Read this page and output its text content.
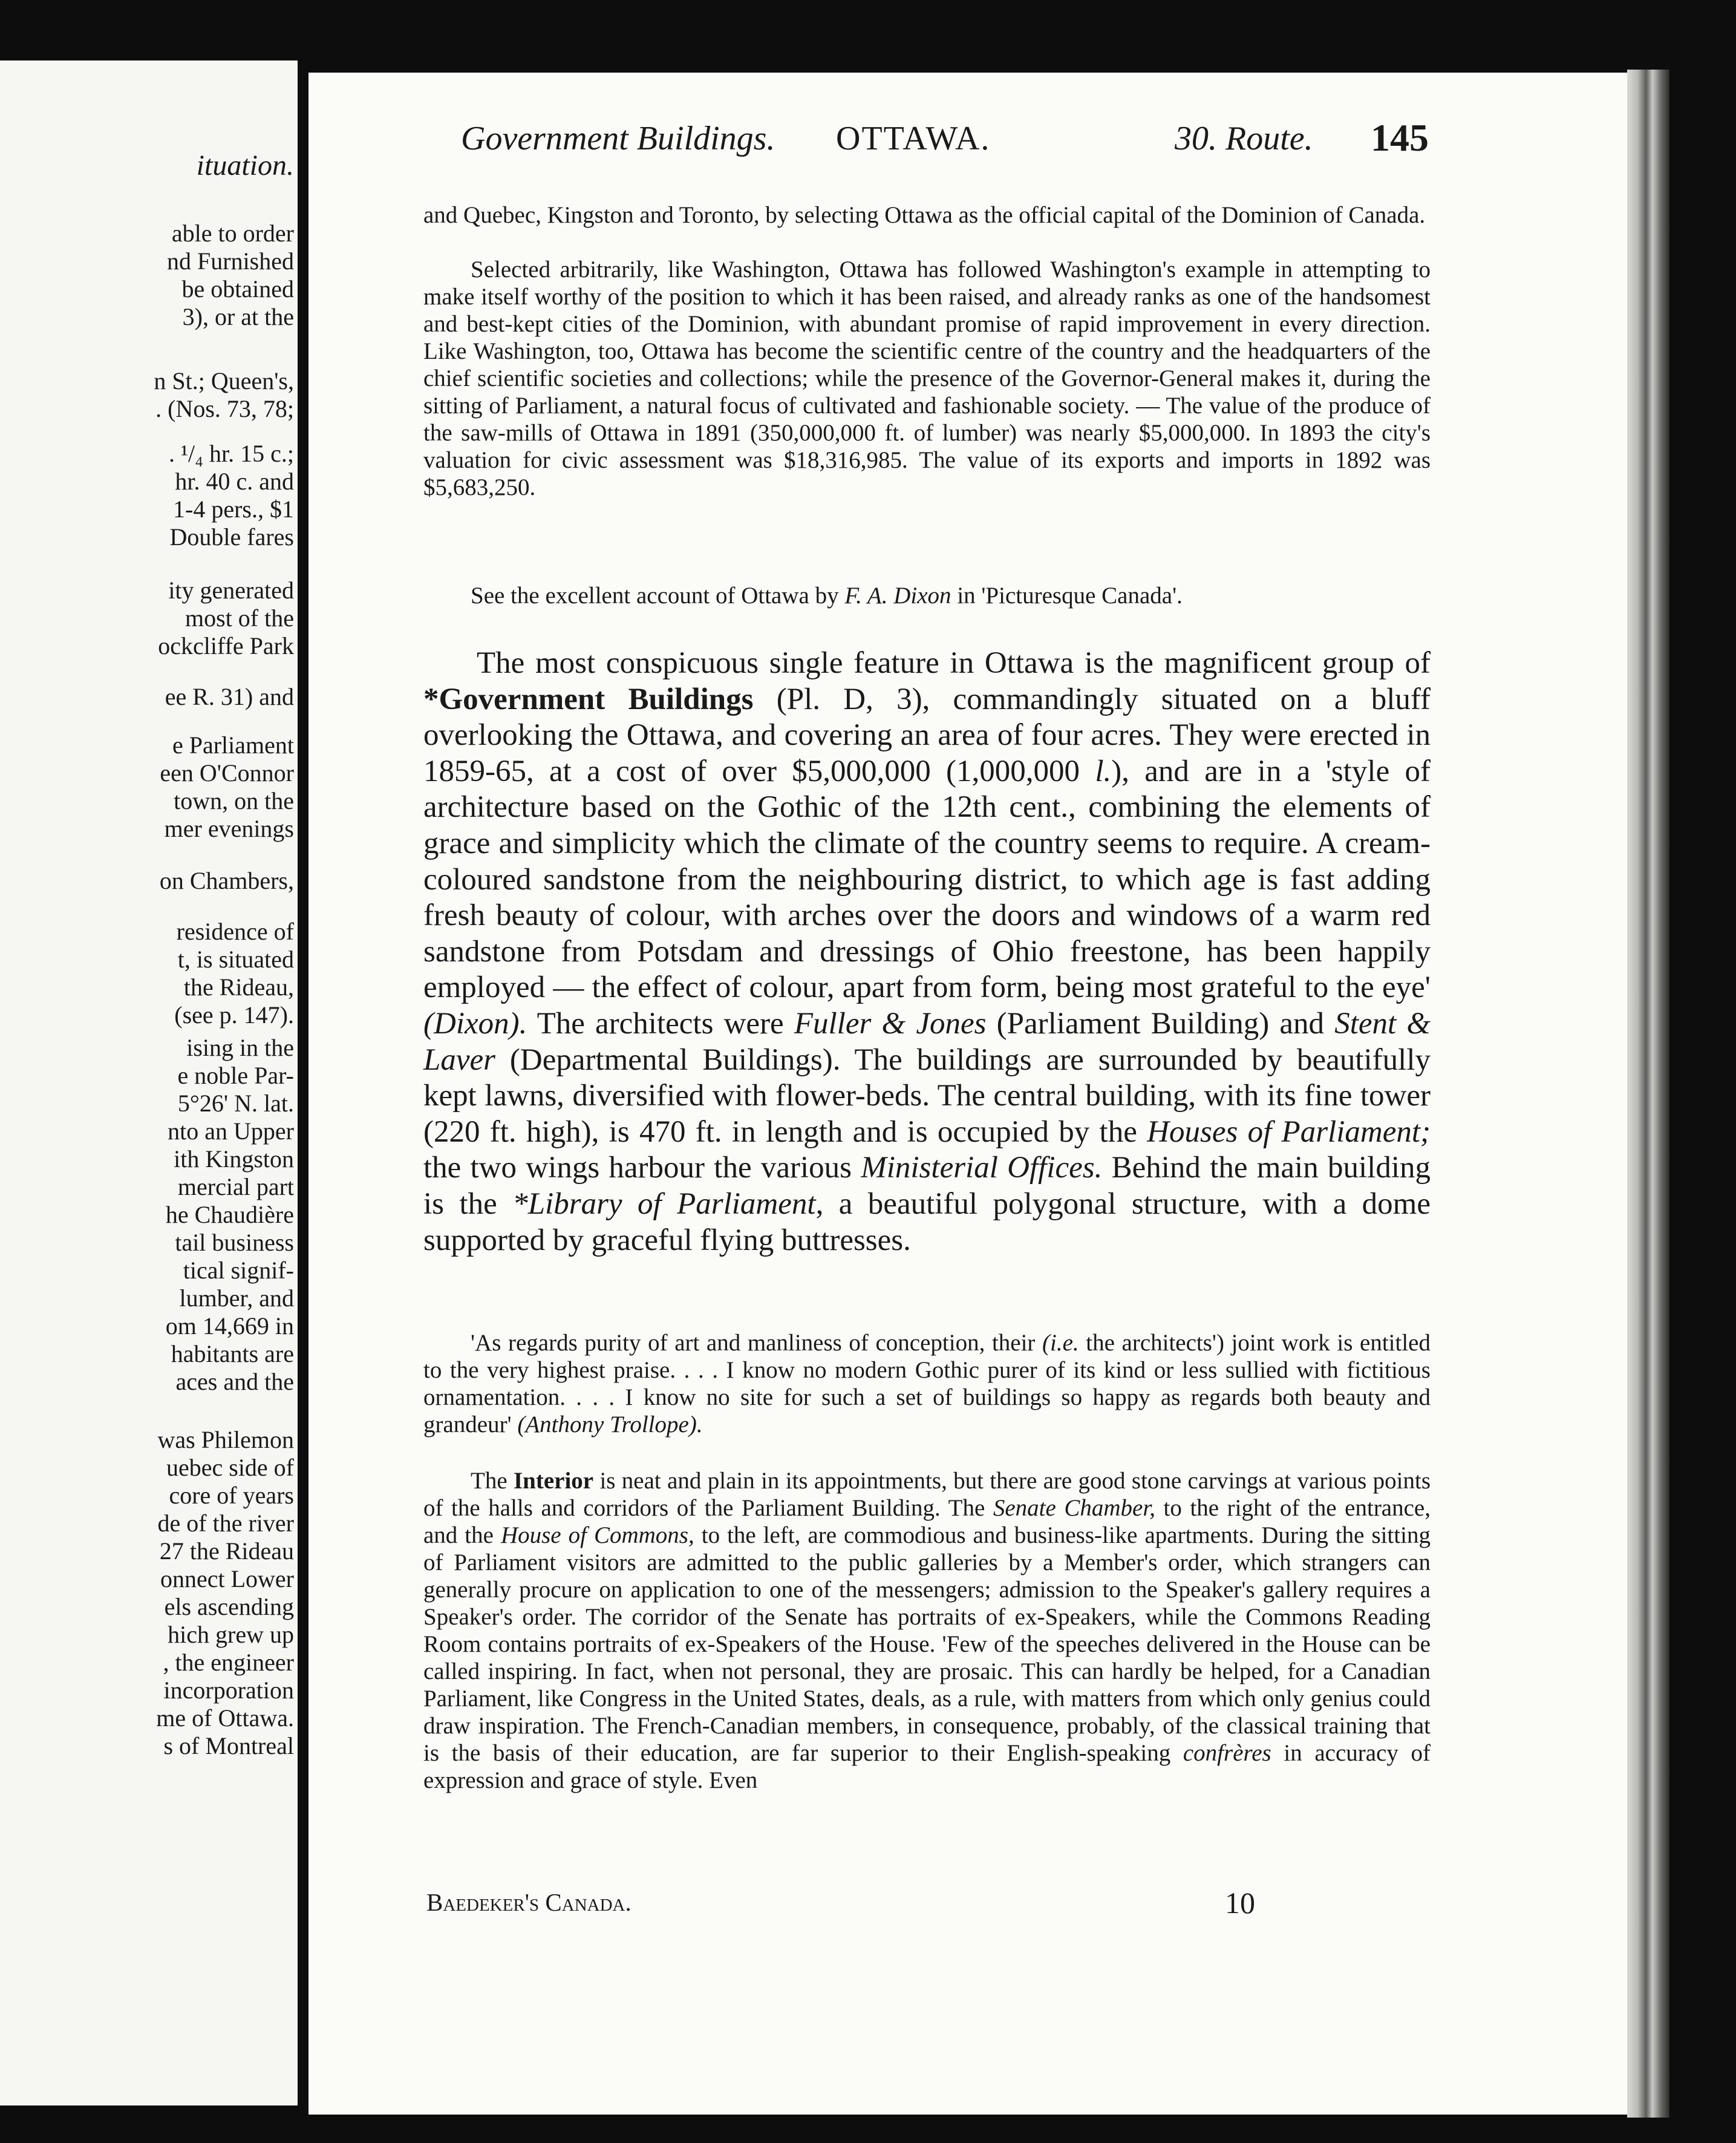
ituation.
able to order
nd Furnished
be obtained
3), or at the
n St.; Queen's,
. (Nos. 73, 78;
. ¹/₄ hr. 15 c.;
hr. 40 c. and
1-4 pers., $1
Double fares
ity generated
most of the
ockcliffe Park
ee R. 31) and
e Parliament
een O'Connor
town, on the
mer evenings
on Chambers,
residence of
t, is situated
the Rideau,
(see p. 147).
ising in the
e noble Par-
5°26' N. lat.
nto an Upper
ith Kingston
mercial part
he Chaudière
tail business
tical signif-
lumber, and
om 14,669 in
habitants are
aces and the
was Philemon
uebec side of
core of years
de of the river
27 the Rideau
onnect Lower
els ascending
hich grew up
, the engineer
incorporation
me of Ottawa.
s of Montreal
Government Buildings. OTTAWA.	30. Route. 145
and Quebec, Kingston and Toronto, by selecting Ottawa as the official capital of the Dominion of Canada.
Selected arbitrarily, like Washington, Ottawa has followed Washington's example in attempting to make itself worthy of the position to which it has been raised, and already ranks as one of the handsomest and best-kept cities of the Dominion, with abundant promise of rapid improvement in every direction. Like Washington, too, Ottawa has become the scientific centre of the country and the headquarters of the chief scientific societies and collections; while the presence of the Governor-General makes it, during the sitting of Parliament, a natural focus of cultivated and fashionable society. — The value of the produce of the saw-mills of Ottawa in 1891 (350,000,000 ft. of lumber) was nearly $5,000,000. In 1893 the city's valuation for civic assessment was $18,316,985. The value of its exports and imports in 1892 was $5,683,250.
See the excellent account of Ottawa by F. A. Dixon in 'Picturesque Canada'.
The most conspicuous single feature in Ottawa is the magnificent group of *Government Buildings (Pl. D, 3), commandingly situated on a bluff overlooking the Ottawa, and covering an area of four acres. They were erected in 1859-65, at a cost of over $5,000,000 (1,000,000 l.), and are in a 'style of architecture based on the Gothic of the 12th cent., combining the elements of grace and simplicity which the climate of the country seems to require. A cream-coloured sandstone from the neighbouring district, to which age is fast adding fresh beauty of colour, with arches over the doors and windows of a warm red sandstone from Potsdam and dressings of Ohio freestone, has been happily employed — the effect of colour, apart from form, being most grateful to the eye' (Dixon). The architects were Fuller & Jones (Parliament Building) and Stent & Laver (Departmental Buildings). The buildings are surrounded by beautifully kept lawns, diversified with flower-beds. The central building, with its fine tower (220 ft. high), is 470 ft. in length and is occupied by the Houses of Parliament; the two wings harbour the various Ministerial Offices. Behind the main building is the *Library of Parliament, a beautiful polygonal structure, with a dome supported by graceful flying buttresses.
'As regards purity of art and manliness of conception, their (i.e. the architects') joint work is entitled to the very highest praise. . . . I know no modern Gothic purer of its kind or less sullied with fictitious ornamentation. . . . I know no site for such a set of buildings so happy as regards both beauty and grandeur' (Anthony Trollope).
The Interior is neat and plain in its appointments, but there are good stone carvings at various points of the halls and corridors of the Parliament Building. The Senate Chamber, to the right of the entrance, and the House of Commons, to the left, are commodious and business-like apartments. During the sitting of Parliament visitors are admitted to the public galleries by a Member's order, which strangers can generally procure on application to one of the messengers; admission to the Speaker's gallery requires a Speaker's order. The corridor of the Senate has portraits of ex-Speakers, while the Commons Reading Room contains portraits of ex-Speakers of the House. 'Few of the speeches delivered in the House can be called inspiring. In fact, when not personal, they are prosaic. This can hardly be helped, for a Canadian Parliament, like Congress in the United States, deals, as a rule, with matters from which only genius could draw inspiration. The French-Canadian members, in consequence, probably, of the classical training that is the basis of their education, are far superior to their English-speaking confrères in accuracy of expression and grace of style. Even
Baedeker's Canada.	10
